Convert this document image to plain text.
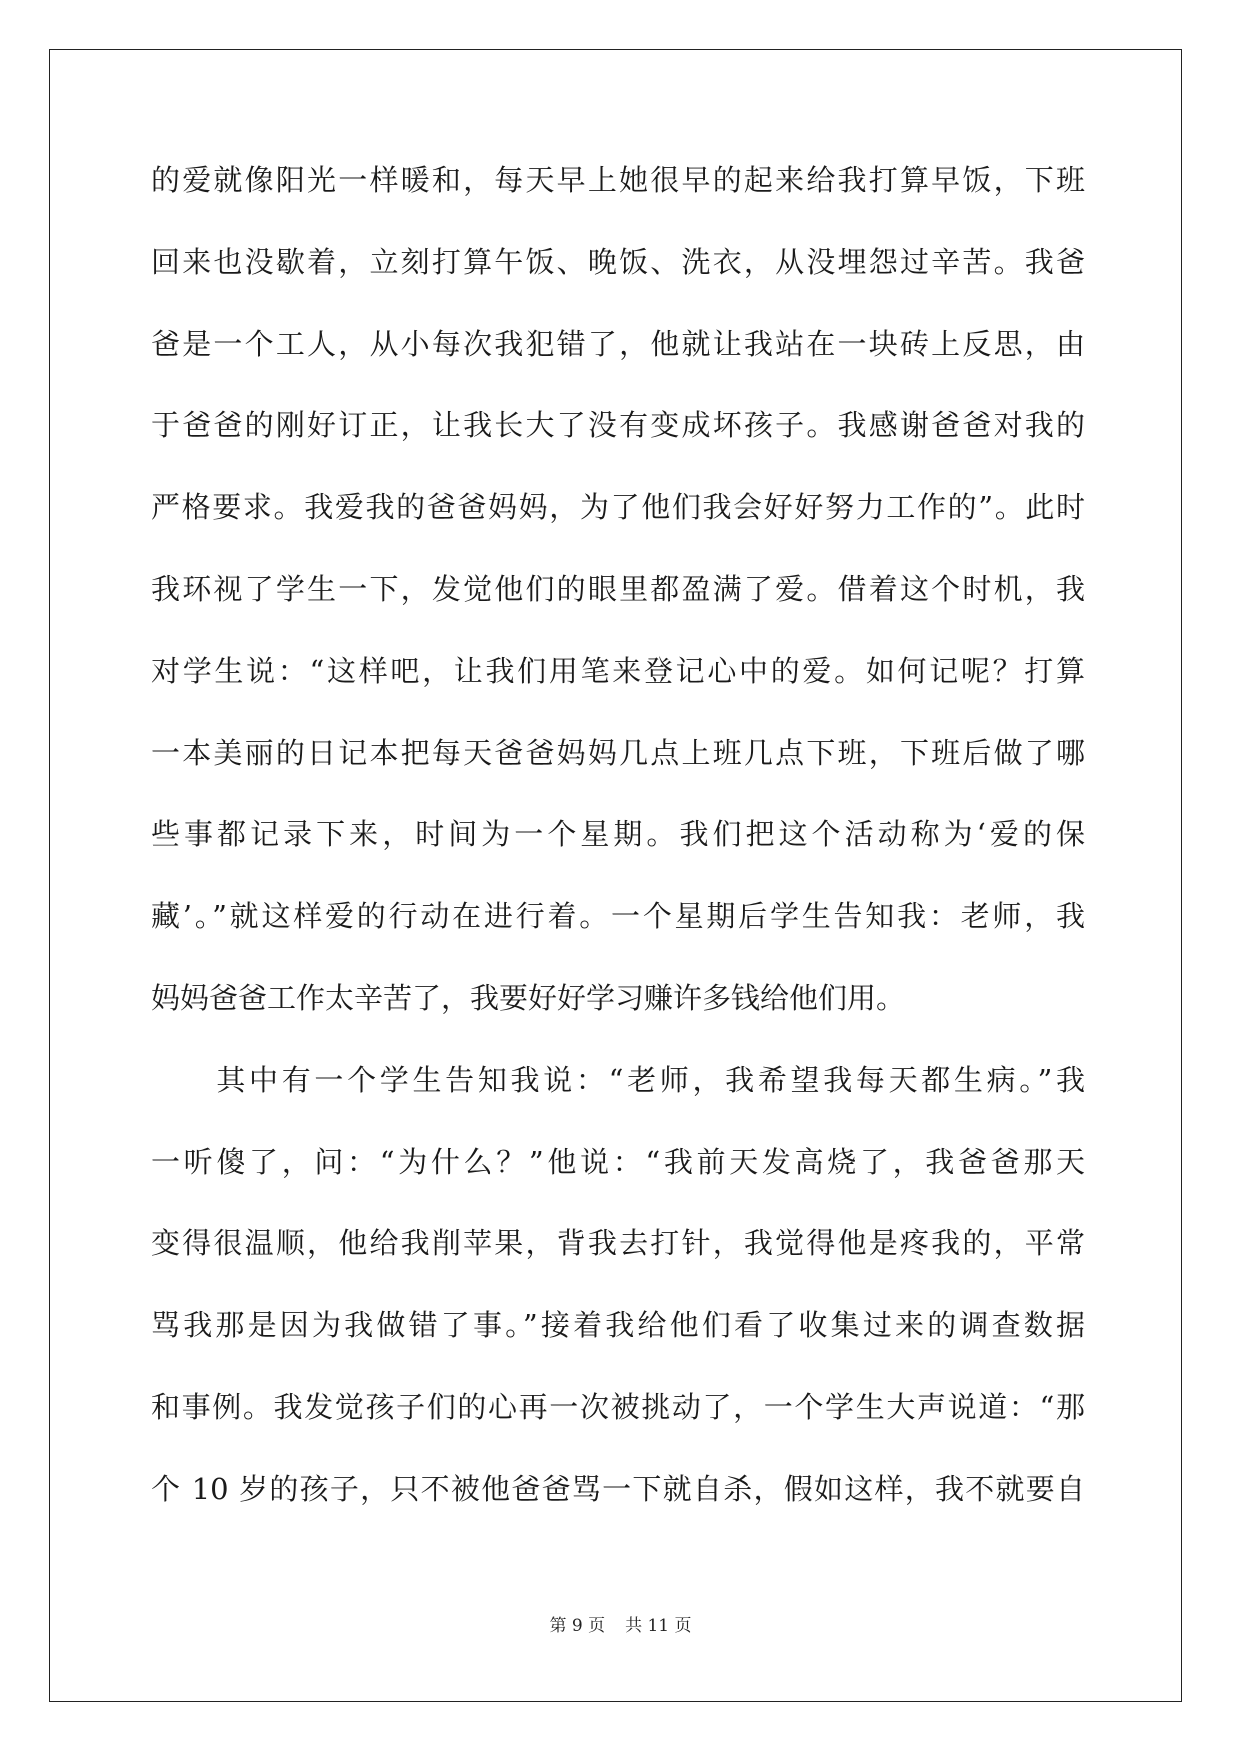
的爱就像阳光一样暖和，每天早上她很早的起来给我打算早饭，下班
回来也没歇着，立刻打算午饭、晚饭、洗衣，从没埋怨过辛苦。我爸
爸是一个工人，从小每次我犯错了，他就让我站在一块砖上反思，由
于爸爸的刚好订正，让我长大了没有变成坏孩子。我感谢爸爸对我的
严格要求。我爱我的爸爸妈妈，为了他们我会好好努力工作的”。此时
我环视了学生一下，发觉他们的眼里都盈满了爱。借着这个时机，我
对学生说：“这样吧，让我们用笔来登记心中的爱。如何记呢？打算
一本美丽的日记本把每天爸爸妈妈几点上班几点下班，下班后做了哪
些事都记录下来，时间为一个星期。我们把这个活动称为‘爱的保
藏’。”就这样爱的行动在进行着。一个星期后学生告知我：老师，我
妈妈爸爸工作太辛苦了，我要好好学习赚许多钱给他们用。
　　其中有一个学生告知我说：“老师，我希望我每天都生病。”我
一听傻了，问：“为什么？”他说：“我前天发高烧了，我爸爸那天
变得很温顺，他给我削苹果，背我去打针，我觉得他是疼我的，平常
骂我那是因为我做错了事。”接着我给他们看了收集过来的调查数据
和事例。我发觉孩子们的心再一次被挑动了，一个学生大声说道：“那
个 10 岁的孩子，只不被他爸爸骂一下就自杀，假如这样，我不就要自
第 9 页 共 11 页
